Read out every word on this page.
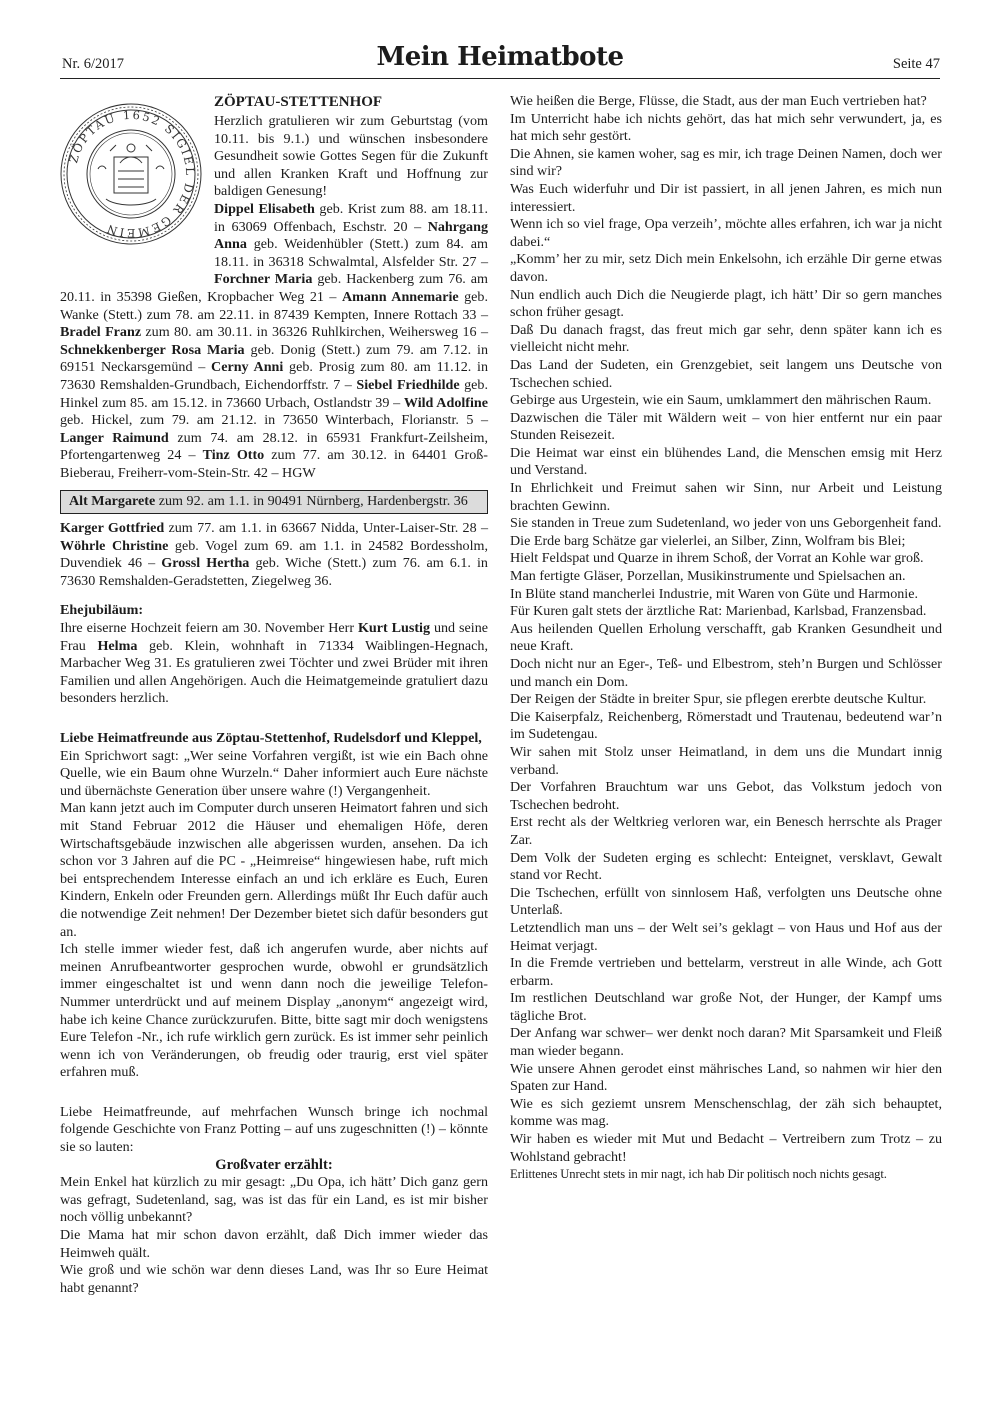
Nr. 6/2017	Mein Heimatbote	Seite 47
ZÖPTAU 1652 SIGIEL DER GEMEIN
ZÖPTAU-STETTENHOF

Herzlich gratulieren wir zum Geburtstag (vom 10.11. bis 9.1.) und wünschen insbesondere Gesundheit sowie Gottes Segen für die Zukunft und allen Kranken Kraft und Hoffnung zur baldigen Genesung!

Dippel Elisabeth geb. Krist zum 88. am 18.11. in 63069 Offenbach, Eschstr. 20 – Nahrgang Anna geb. Weidenhübler (Stett.) zum 84. am 18.11. in 36318 Schwalmtal, Alsfelder Str. 27 – Forchner Maria geb. Hackenberg zum 76. am 20.11. in 35398 Gießen, Kropbacher Weg 21 – Amann Annemarie geb. Wanke (Stett.) zum 78. am 22.11. in 87439 Kempten, Innere Rottach 33 – Bradel Franz zum 80. am 30.11. in 36326 Ruhlkirchen, Weihersweg 16 – Schnekkenberger Rosa Maria geb. Donig (Stett.) zum 79. am 7.12. in 69151 Neckarsgemünd – Cerny Anni geb. Prosig zum 80. am 11.12. in 73630 Remshalden-Grundbach, Eichendorffstr. 7 – Siebel Friedhilde geb. Hinkel zum 85. am 15.12. in 73660 Urbach, Ostlandstr 39 – Wild Adolfine geb. Hickel, zum 79. am 21.12. in 73650 Winterbach, Florianstr. 5 – Langer Raimund zum 74. am 28.12. in 65931 Frankfurt-Zeilsheim, Pfortengartenweg 24 – Tinz Otto zum 77. am 30.12. in 64401 Groß-Bieberau, Freiherr-vom-Stein-Str. 42 – HGW

Alt Margarete zum 92. am 1.1. in 90491 Nürnberg, Hardenbergstr. 36

Karger Gottfried zum 77. am 1.1. in 63667 Nidda, Unter-Laiser-Str. 28 – Wöhrle Christine geb. Vogel zum 69. am 1.1. in 24582 Bordessholm, Duvendiek 46 – Grossl Hertha geb. Wiche (Stett.) zum 76. am 6.1. in 73630 Remshalden-Geradstetten, Ziegelweg 36.

Ehejubiläum:

Ihre eiserne Hochzeit feiern am 30. November Herr Kurt Lustig und seine Frau Helma geb. Klein, wohnhaft in 71334 Waiblingen-Hegnach, Marbacher Weg 31. Es gratulieren zwei Töchter und zwei Brüder mit ihren Familien und allen Angehörigen. Auch die Heimatgemeinde gratuliert dazu besonders herzlich.

Liebe Heimatfreunde aus Zöptau-Stettenhof, Rudelsdorf und Kleppel,

Ein Sprichwort sagt: „Wer seine Vorfahren vergißt, ist wie ein Bach ohne Quelle, wie ein Baum ohne Wurzeln.“ Daher informiert auch Eure nächste und übernächste Generation über unsere wahre (!) Vergangenheit.

Man kann jetzt auch im Computer durch unseren Heimatort fahren und sich mit Stand Februar 2012 die Häuser und ehemaligen Höfe, deren Wirtschaftsgebäude inzwischen alle abgerissen wurden, ansehen. Da ich schon vor 3 Jahren auf die PC - „Heimreise“ hingewiesen habe, ruft mich bei entsprechendem Interesse einfach an und ich erkläre es Euch, Euren Kindern, Enkeln oder Freunden gern. Allerdings müßt Ihr Euch dafür auch die notwendige Zeit nehmen! Der Dezember bietet sich dafür besonders gut an.

Ich stelle immer wieder fest, daß ich angerufen wurde, aber nichts auf meinen Anrufbeantworter gesprochen wurde, obwohl er grundsätzlich immer eingeschaltet ist und wenn dann noch die jeweilige Telefon-Nummer unterdrückt und auf meinem Display „anonym“ angezeigt wird, habe ich keine Chance zurückzurufen. Bitte, bitte sagt mir doch wenigstens Eure Telefon -Nr., ich rufe wirklich gern zurück. Es ist immer sehr peinlich wenn ich von Veränderungen, ob freudig oder traurig, erst viel später erfahren muß.

Liebe Heimatfreunde, auf mehrfachen Wunsch bringe ich nochmal folgende Geschichte von Franz Potting – auf uns zugeschnitten (!) – könnte sie so lauten:

Großvater erzählt:

Mein Enkel hat kürzlich zu mir gesagt: „Du Opa, ich hätt’ Dich ganz gern was gefragt, Sudetenland, sag, was ist das für ein Land, es ist mir bisher noch völlig unbekannt?

Die Mama hat mir schon davon erzählt, daß Dich immer wieder das Heimweh quält.

Wie groß und wie schön war denn dieses Land, was Ihr so Eure Heimat habt genannt?

Wie heißen die Berge, Flüsse, die Stadt, aus der man Euch vertrieben hat?

Im Unterricht habe ich nichts gehört, das hat mich sehr verwundert, ja, es hat mich sehr gestört.

Die Ahnen, sie kamen woher, sag es mir, ich trage Deinen Namen, doch wer sind wir?

Was Euch widerfuhr und Dir ist passiert, in all jenen Jahren, es mich nun interessiert.

Wenn ich so viel frage, Opa verzeih’, möchte alles erfahren, ich war ja nicht dabei.“

„Komm’ her zu mir, setz Dich mein Enkelsohn, ich erzähle Dir gerne etwas davon.

Nun endlich auch Dich die Neugierde plagt, ich hätt’ Dir so gern manches schon früher gesagt.

Daß Du danach fragst, das freut mich gar sehr, denn später kann ich es vielleicht nicht mehr.

Das Land der Sudeten, ein Grenzgebiet, seit langem uns Deutsche von Tschechen schied.

Gebirge aus Urgestein, wie ein Saum, umklammert den mährischen Raum.

Dazwischen die Täler mit Wäldern weit – von hier entfernt nur ein paar Stunden Reisezeit.

Die Heimat war einst ein blühendes Land, die Menschen emsig mit Herz und Verstand.

In Ehrlichkeit und Freimut sahen wir Sinn, nur Arbeit und Leistung brachten Gewinn.

Sie standen in Treue zum Sudetenland, wo jeder von uns Geborgenheit fand.

Die Erde barg Schätze gar vielerlei, an Silber, Zinn, Wolfram bis Blei;

Hielt Feldspat und Quarze in ihrem Schoß, der Vorrat an Kohle war groß.

Man fertigte Gläser, Porzellan, Musikinstrumente und Spielsachen an.

In Blüte stand mancherlei Industrie, mit Waren von Güte und Harmonie.

Für Kuren galt stets der ärztliche Rat: Marienbad, Karlsbad, Franzensbad.

Aus heilenden Quellen Erholung verschafft, gab Kranken Gesundheit und neue Kraft.

Doch nicht nur an Eger-, Teß- und Elbestrom, steh’n Burgen und Schlösser und manch ein Dom.

Der Reigen der Städte in breiter Spur, sie pflegen ererbte deutsche Kultur.

Die Kaiserpfalz, Reichenberg, Römerstadt und Trautenau, bedeutend war’n im Sudetengau.

Wir sahen mit Stolz unser Heimatland, in dem uns die Mundart innig verband.

Der Vorfahren Brauchtum war uns Gebot, das Volkstum jedoch von Tschechen bedroht.

Erst recht als der Weltkrieg verloren war, ein Benesch herrschte als Prager Zar.

Dem Volk der Sudeten erging es schlecht: Enteignet, versklavt, Gewalt stand vor Recht.

Die Tschechen, erfüllt von sinnlosem Haß, verfolgten uns Deutsche ohne Unterlaß.

Letztendlich man uns – der Welt sei’s geklagt – von Haus und Hof aus der Heimat verjagt.

In die Fremde vertrieben und bettelarm, verstreut in alle Winde, ach Gott erbarm.

Im restlichen Deutschland war große Not, der Hunger, der Kampf ums tägliche Brot.

Der Anfang war schwer– wer denkt noch daran? Mit Sparsamkeit und Fleiß man wieder begann.

Wie unsere Ahnen gerodet einst mährisches Land, so nahmen wir hier den Spaten zur Hand.

Wie es sich geziemt unsrem Menschenschlag, der zäh sich behauptet, komme was mag.

Wir haben es wieder mit Mut und Bedacht – Vertreibern zum Trotz – zu Wohlstand gebracht!

Erlittenes Unrecht stets in mir nagt, ich hab Dir politisch noch nichts gesagt.
